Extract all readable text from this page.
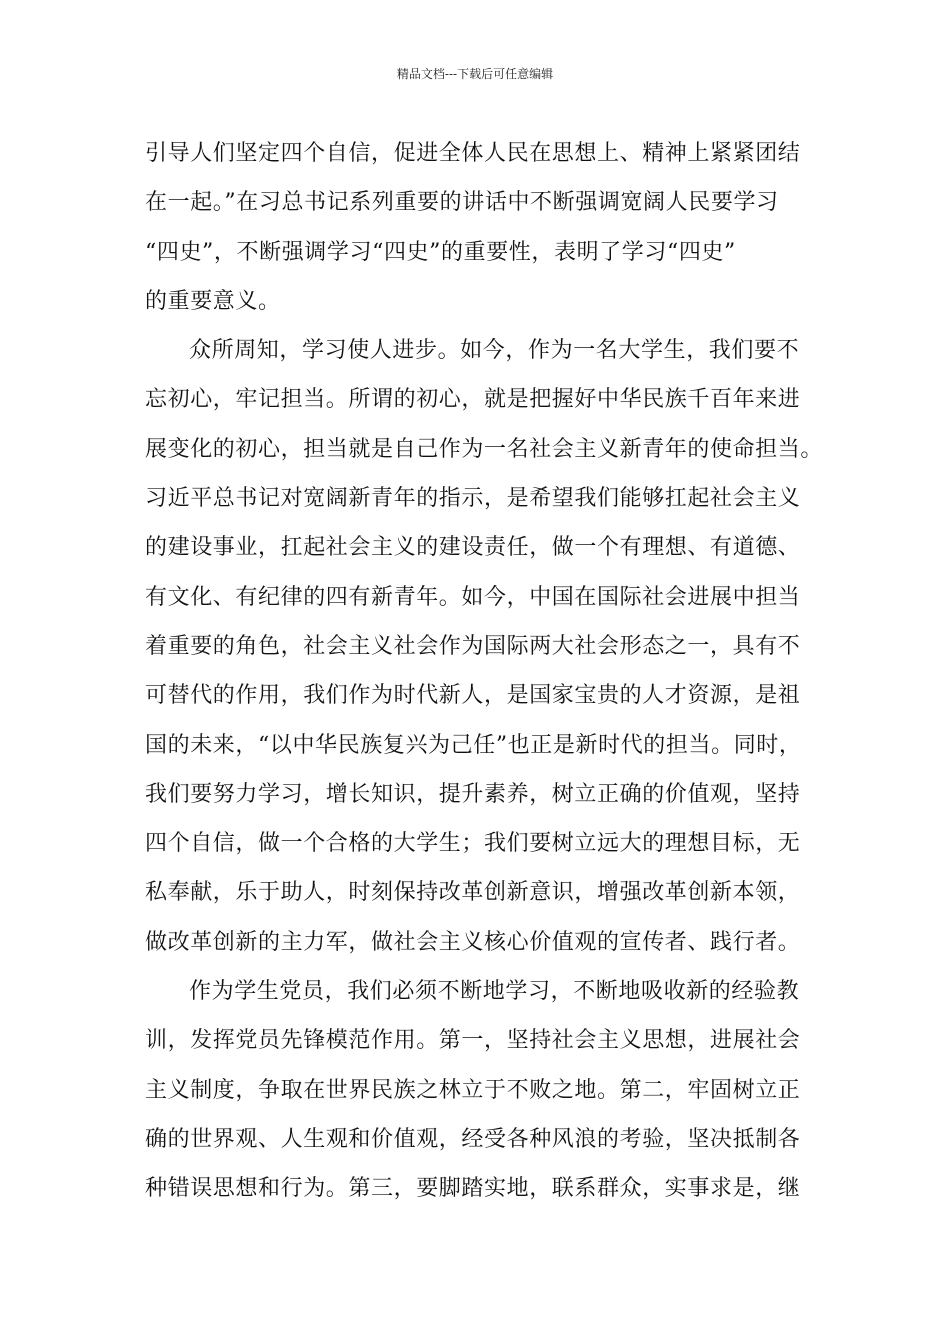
精品文档---下载后可任意编辑
引导人们坚定四个自信，促进全体人民在思想上、精神上紧紧团结
在一起。”在习总书记系列重要的讲话中不断强调宽阔人民要学习
“四史”，不断强调学习“四史”的重要性，表明了学习“四史”
的重要意义。
众所周知，学习使人进步。如今，作为一名大学生，我们要不
忘初心，牢记担当。所谓的初心，就是把握好中华民族千百年来进
展变化的初心，担当就是自己作为一名社会主义新青年的使命担当。
习近平总书记对宽阔新青年的指示，是希望我们能够扛起社会主义
的建设事业，扛起社会主义的建设责任，做一个有理想、有道德、
有文化、有纪律的四有新青年。如今，中国在国际社会进展中担当
着重要的角色，社会主义社会作为国际两大社会形态之一，具有不
可替代的作用，我们作为时代新人，是国家宝贵的人才资源，是祖
国的未来，“以中华民族复兴为己任”也正是新时代的担当。同时，
我们要努力学习，增长知识，提升素养，树立正确的价值观，坚持
四个自信，做一个合格的大学生；我们要树立远大的理想目标，无
私奉献，乐于助人，时刻保持改革创新意识，增强改革创新本领，
做改革创新的主力军，做社会主义核心价值观的宣传者、践行者。
作为学生党员，我们必须不断地学习，不断地吸收新的经验教
训，发挥党员先锋模范作用。第一，坚持社会主义思想，进展社会
主义制度，争取在世界民族之林立于不败之地。第二，牢固树立正
确的世界观、人生观和价值观，经受各种风浪的考验，坚决抵制各
种错误思想和行为。第三，要脚踏实地，联系群众，实事求是，继
